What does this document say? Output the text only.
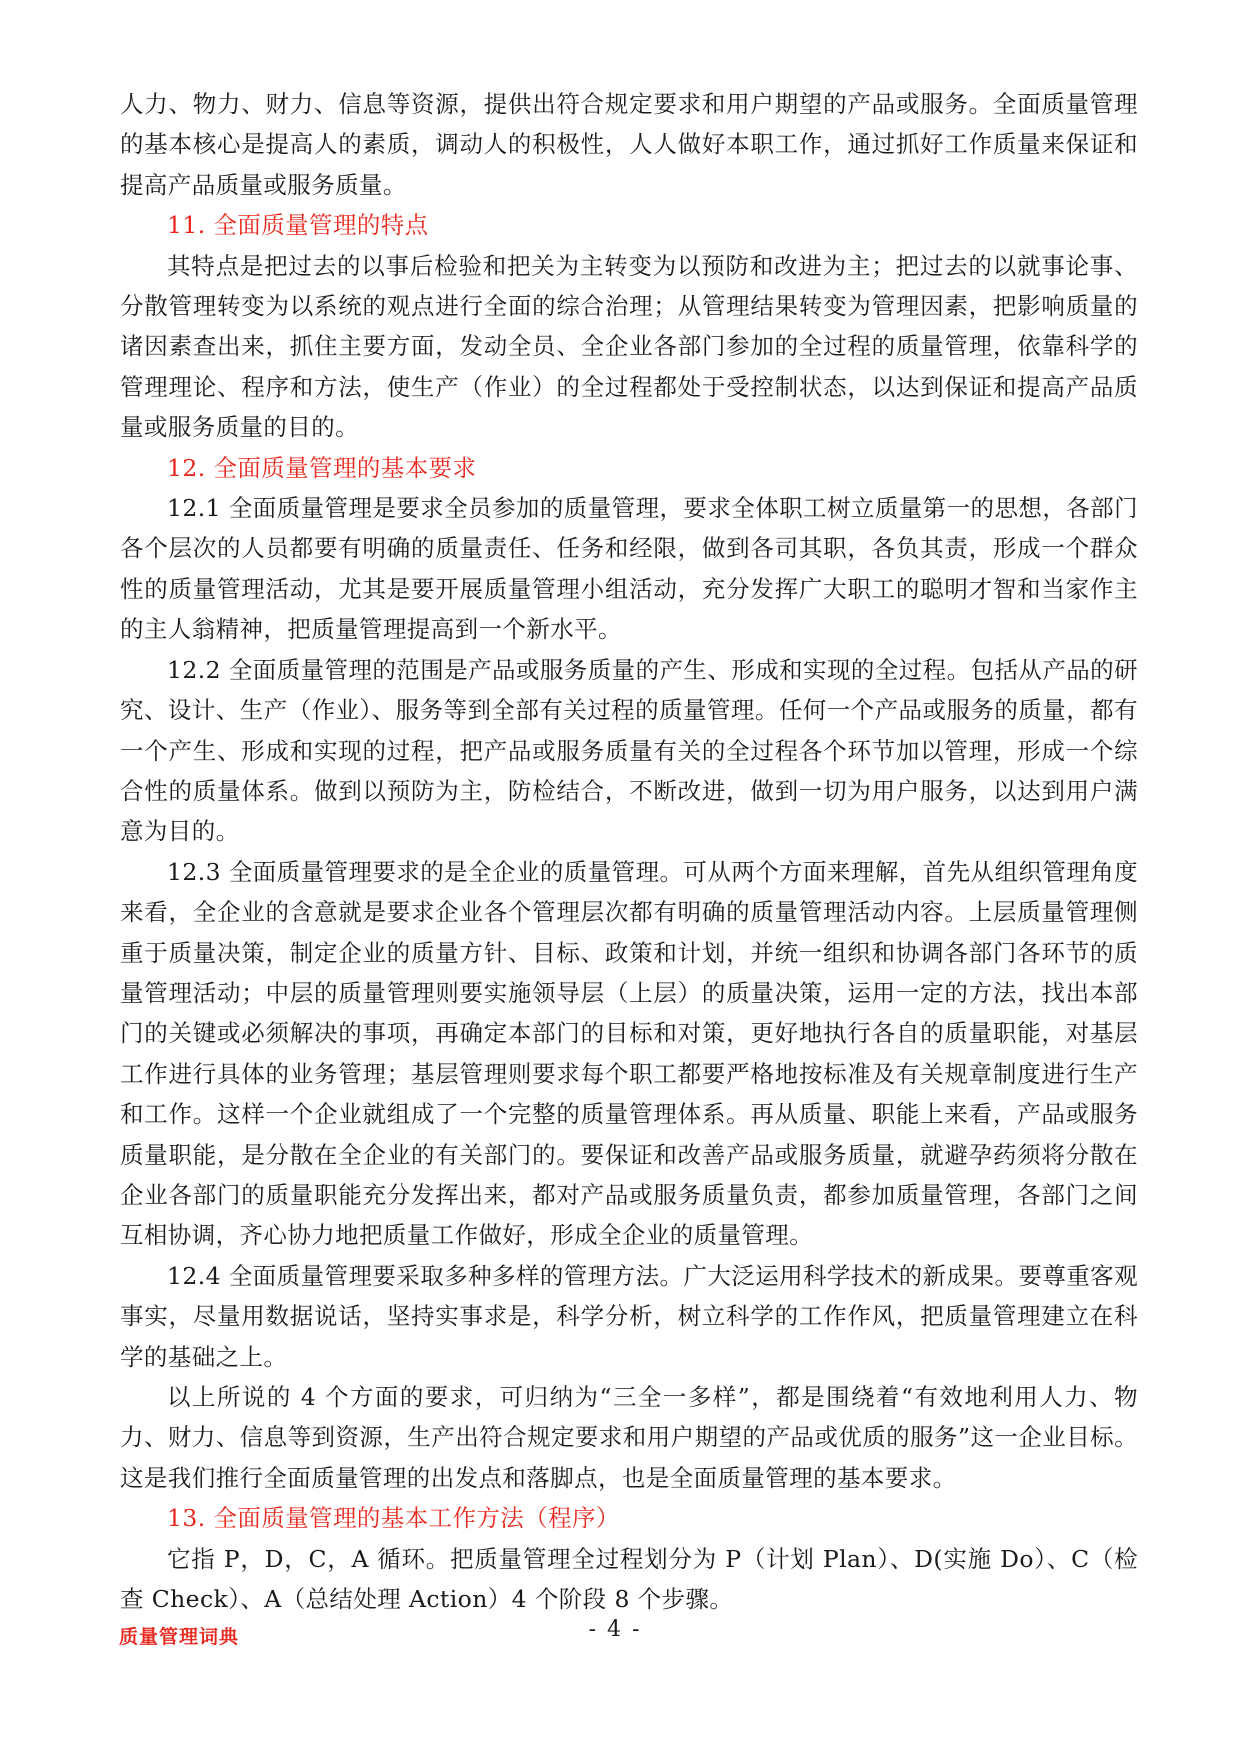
人力、物力、财力、信息等资源，提供出符合规定要求和用户期望的产品或服务。全面质量管理的基本核心是提高人的素质，调动人的积极性，人人做好本职工作，通过抓好工作质量来保证和提高产品质量或服务质量。

11. 全面质量管理的特点

其特点是把过去的以事后检验和把关为主转变为以预防和改进为主；把过去的以就事论事、分散管理转变为以系统的观点进行全面的综合治理；从管理结果转变为管理因素，把影响质量的诸因素查出来，抓住主要方面，发动全员、全企业各部门参加的全过程的质量管理，依靠科学的管理理论、程序和方法，使生产（作业）的全过程都处于受控制状态，以达到保证和提高产品质量或服务质量的目的。

12. 全面质量管理的基本要求

12.1 全面质量管理是要求全员参加的质量管理，要求全体职工树立质量第一的思想，各部门各个层次的人员都要有明确的质量责任、任务和经限，做到各司其职，各负其责，形成一个群众性的质量管理活动，尤其是要开展质量管理小组活动，充分发挥广大职工的聪明才智和当家作主的主人翁精神，把质量管理提高到一个新水平。

12.2 全面质量管理的范围是产品或服务质量的产生、形成和实现的全过程。包括从产品的研究、设计、生产（作业）、服务等到全部有关过程的质量管理。任何一个产品或服务的质量，都有一个产生、形成和实现的过程，把产品或服务质量有关的全过程各个环节加以管理，形成一个综合性的质量体系。做到以预防为主，防检结合，不断改进，做到一切为用户服务，以达到用户满意为目的。

12.3 全面质量管理要求的是全企业的质量管理。可从两个方面来理解，首先从组织管理角度来看，全企业的含意就是要求企业各个管理层次都有明确的质量管理活动内容。上层质量管理侧重于质量决策，制定企业的质量方针、目标、政策和计划，并统一组织和协调各部门各环节的质量管理活动；中层的质量管理则要实施领导层（上层）的质量决策，运用一定的方法，找出本部门的关键或必须解决的事项，再确定本部门的目标和对策，更好地执行各自的质量职能，对基层工作进行具体的业务管理；基层管理则要求每个职工都要严格地按标准及有关规章制度进行生产和工作。这样一个企业就组成了一个完整的质量管理体系。再从质量、职能上来看，产品或服务质量职能，是分散在全企业的有关部门的。要保证和改善产品或服务质量，就避孕药须将分散在企业各部门的质量职能充分发挥出来，都对产品或服务质量负责，都参加质量管理，各部门之间互相协调，齐心协力地把质量工作做好，形成全企业的质量管理。

12.4 全面质量管理要采取多种多样的管理方法。广大泛运用科学技术的新成果。要尊重客观事实，尽量用数据说话，坚持实事求是，科学分析，树立科学的工作作风，把质量管理建立在科学的基础之上。

以上所说的 4 个方面的要求，可归纳为“三全一多样”，都是围绕着“有效地利用人力、物力、财力、信息等到资源，生产出符合规定要求和用户期望的产品或优质的服务”这一企业目标。这是我们推行全面质量管理的出发点和落脚点，也是全面质量管理的基本要求。

13. 全面质量管理的基本工作方法（程序）

它指 P，D，C，A 循环。把质量管理全过程划分为 P（计划 Plan）、D(实施 Do）、C（检查 Check）、A（总结处理 Action）4 个阶段 8 个步骤。

质量管理词典	- 4 -
